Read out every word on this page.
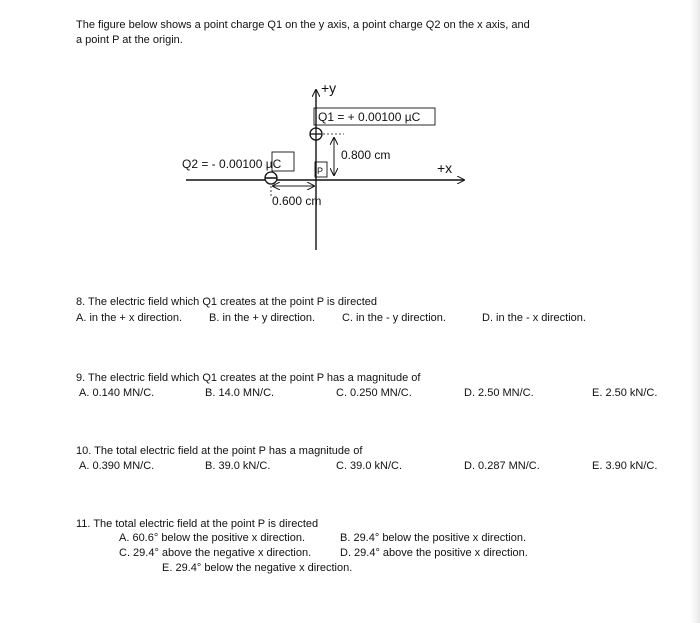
The figure below shows a point charge Q1 on the y axis, a point charge Q2 on the x axis, and
a point P at the origin.
+y
+x
Q1 = + 0.00100 µC
Q2 = - 0.00100 µC
0.800 cm
0.600 cm
P
8. The electric field which Q1 creates at the point P is directed
A. in the + x direction. B. in the + y direction. C. in the - y direction.	D. in the - x direction.
9. The electric field which Q1 creates at the point P has a magnitude of
A. 0.140 MN/C.	B. 14.0 MN/C.	C. 0.250 MN/C.	D. 2.50 MN/C.	E. 2.50 kN/C.
10. The total electric field at the point P has a magnitude of
A. 0.390 MN/C.	B. 39.0 kN/C.	C. 39.0 kN/C.	D. 0.287 MN/C.	E. 3.90 kN/C.
11. The total electric field at the point P is directed
A. 60.6° below the positive x direction.	B. 29.4° below the positive x direction.
C. 29.4° above the negative x direction.	D. 29.4° above the positive x direction.
E. 29.4° below the negative x direction.
